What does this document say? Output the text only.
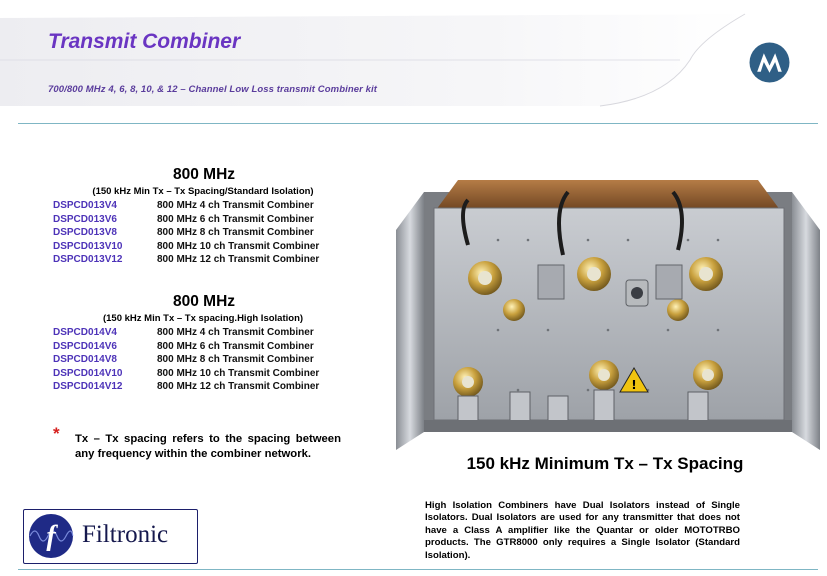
Transmit Combiner
700/800 MHz 4, 6, 8, 10, & 12 – Channel Low Loss transmit Combiner kit
800 MHz
(150 kHz Min Tx – Tx Spacing/Standard Isolation)
DSPCD013V4	800 MHz 4 ch Transmit Combiner
DSPCD013V6	800 MHz 6 ch Transmit Combiner
DSPCD013V8	800 MHz 8 ch Transmit Combiner
DSPCD013V10	800 MHz 10 ch Transmit Combiner
DSPCD013V12	800 MHz 12 ch Transmit Combiner
800 MHz
(150 kHz Min Tx – Tx spacing.High Isolation)
DSPCD014V4	800 MHz 4 ch Transmit Combiner
DSPCD014V6	800 MHz 6 ch Transmit Combiner
DSPCD014V8	800 MHz 8 ch Transmit Combiner
DSPCD014V10	800 MHz 10 ch Transmit Combiner
DSPCD014V12	800 MHz 12 ch Transmit Combiner
* Tx – Tx spacing refers to the spacing between any frequency within the combiner network.
f Filtronic
!
150 kHz Minimum Tx – Tx Spacing
High Isolation Combiners have Dual Isolators instead of Single Isolators. Dual Isolators are used for any transmitter that does not have a Class A amplifier like the Quantar or older MOTOTRBO products. The GTR8000 only requires a Single Isolator (Standard Isolation).
